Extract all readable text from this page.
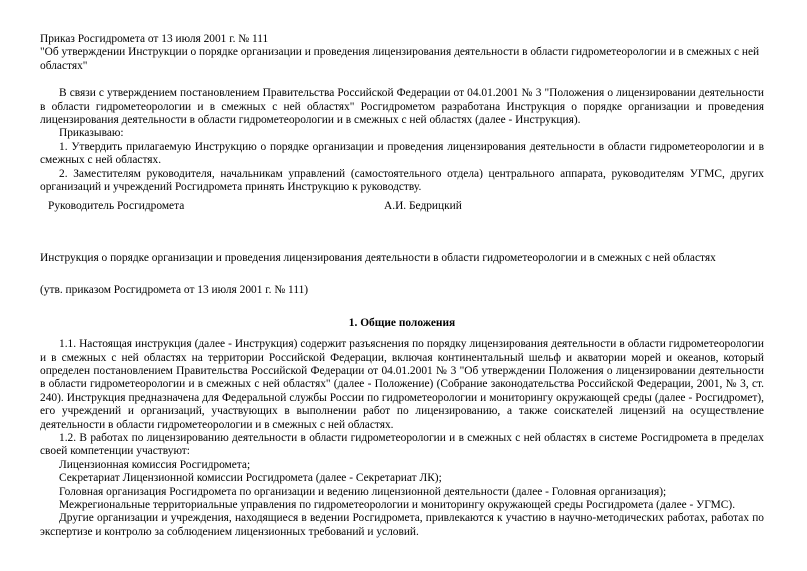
Приказ Росгидромета от 13 июля 2001 г. № 111

"Об утверждении Инструкции о порядке организации и проведения лицензирования деятельности в области гидрометеорологии и в смежных с ней областях"

В связи с утверждением постановлением Правительства Российской Федерации от 04.01.2001 № 3 "Положения о лицензировании деятельности в области гидрометеорологии и в смежных с ней областях" Росгидрометом разработана Инструкция о порядке организации и проведения лицензирования деятельности в области гидрометеорологии и в смежных с ней областях (далее - Инструкция).

Приказываю:

1. Утвердить прилагаемую Инструкцию о порядке организации и проведения лицензирования деятельности в области гидрометеорологии и в смежных с ней областях.

2. Заместителям руководителя, начальникам управлений (самостоятельного отдела) центрального аппарата, руководителям УГМС, других организаций и учреждений Росгидромета принять Инструкцию к руководству.

Руководитель Росгидромета	А.И. Бедрицкий

Инструкция о порядке организации и проведения лицензирования деятельности в области гидрометеорологии и в смежных с ней областях

(утв. приказом Росгидромета от 13 июля 2001 г. № 111)

1. Общие положения

1.1. Настоящая инструкция (далее - Инструкция) содержит разъяснения по порядку лицензирования деятельности в области гидрометеорологии и в смежных с ней областях на территории Российской Федерации, включая континентальный шельф и акватории морей и океанов, который определен постановлением Правительства Российской Федерации от 04.01.2001 № 3 "Об утверждении Положения о лицензировании деятельности в области гидрометеорологии и в смежных с ней областях" (далее - Положение) (Собрание законодательства Российской Федерации, 2001, № 3, ст. 240). Инструкция предназначена для Федеральной службы России по гидрометеорологии и мониторингу окружающей среды (далее - Росгидромет), его учреждений и организаций, участвующих в выполнении работ по лицензированию, а также соискателей лицензий на осуществление деятельности в области гидрометеорологии и в смежных с ней областях.

1.2. В работах по лицензированию деятельности в области гидрометеорологии и в смежных с ней областях в системе Росгидромета в пределах своей компетенции участвуют:

Лицензионная комиссия Росгидромета;

Секретариат Лицензионной комиссии Росгидромета (далее - Секретариат ЛК);

Головная организация Росгидромета по организации и ведению лицензионной деятельности (далее - Головная организация);

Межрегиональные территориальные управления по гидрометеорологии и мониторингу окружающей среды Росгидромета (далее - УГМС).

Другие организации и учреждения, находящиеся в ведении Росгидромета, привлекаются к участию в научно-методических работах, работах по экспертизе и контролю за соблюдением лицензионных требований и условий.
